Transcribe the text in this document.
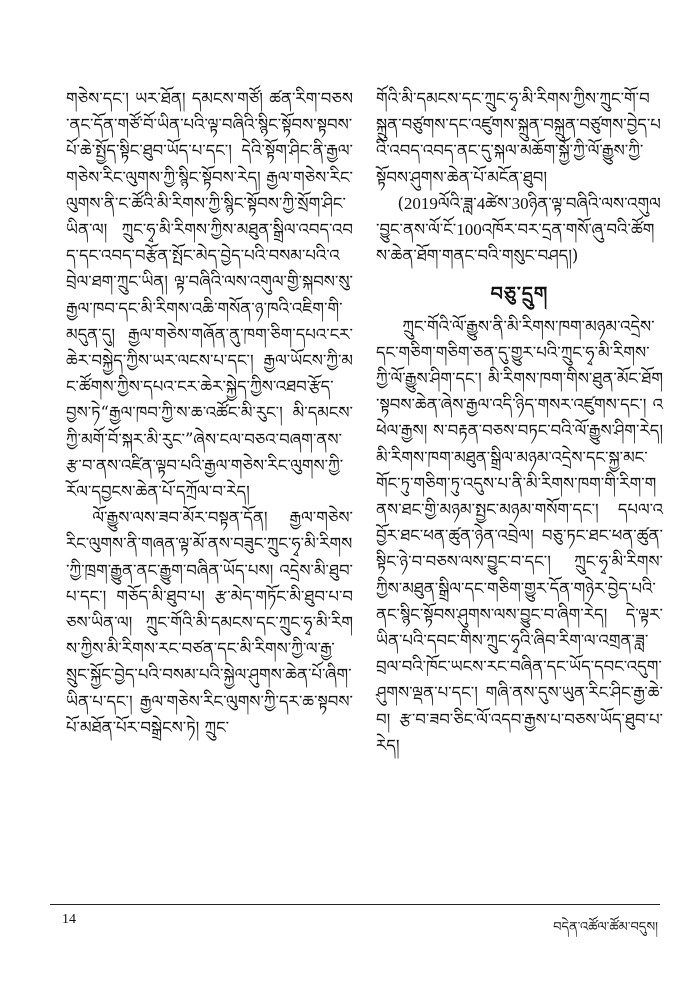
གཅེས་དང་། ཡར་ཐོན། དམངས་གཙོ། ཚན་རིག་བཅས་ནང་དོན་གཙོ་བོ་ཡིན་པའི་ལྟ་བཞིའི་སྙིང་སྟོབས་སྟབས་པོ་ཆེ་སྤྱོད་སྟིང་ཐུབ་ཡོད་པ་དང་། དེའི་སྟོག་ཤིང་ནི་རྒྱལ་གཅེས་རིང་ལུགས་ཀྱི་སྙིང་སྟོབས་རེད། རྒྱལ་གཅེས་རིང་ལུགས་ནི་ང་ཚོའི་མི་རིགས་ཀྱི་སྙིང་སྟོབས་ཀྱི་སྲོག་ཤིང་ཡིན་ལ། ཀྲུང་ཧྭ་མི་རིགས་ཀྱིས་མཐུན་སྒྲིལ་འབད་འབད་དང་འབད་བརྩོན་སྤོང་མེད་བྱེད་པའི་བསམ་པའི་འབྲེལ་ཐག་ཀྲུང་ཡིན། ལྟ་བཞིའི་ལས་འགུལ་གྱི་སྐབས་སུ་རྒྱལ་ཁབ་དང་མི་རིགས་འཆི་གསོན་ཉ་ཁའི་འཇིག་གི་མདུན་དུ། རྒྱལ་གཅེས་གཞོན་ནུ་ཁག་ཅིག་དཔའ་ངར་ཆེར་བསྐྱེད་ཀྱིས་ཡར་ལངས་པ་དང་། རྒྱལ་ཡོངས་ཀྱི་མང་ཚོགས་ཀྱིས་དཔའ་ངར་ཆེར་སྐྱེད་ཀྱིས་འཐབ་རྩོད་བྱས་ཏེ“རྒྱལ་ཁབ་ཀྱི་ས་ཆ་འཚོང་མི་རུང་། མི་དམངས་ཀྱི་མགོ་བོ་སྐར་མི་རུང་”ཞེས་ངལ་བཅའ་བཞག་ནས་རྩ་བ་ནས་འཛིན་ལྟབ་པའི་རྒྱལ་གཅེས་རིང་ལུགས་ཀྱི་རོལ་དབྱངས་ཆེན་པོ་དཀྲོལ་བ་རེད།

ལོ་རྒྱུས་ལས་ཟབ་མོར་བསྟན་དོན། རྒྱལ་གཅེས་རིང་ལུགས་ནི་གཞན་ལྟ་མོ་ནས་བཟུང་ཀྲུང་ཧྭ་མི་རིགས་ཀྱི་ཁྲག་རྒྱུན་ནང་རྒྱུག་བཞིན་ཡོད་པས། འདྲེས་མི་ཐུབ་པ་དང་། གཅོད་མི་ཐུབ་པ། རྩ་མེད་གཏོང་མི་ཐུབ་པ་བཅས་ཡིན་ལ། ཀྲུང་གོའི་མི་དམངས་དང་ཀྲུང་ཧྭ་མི་རིགས་ཀྱིས་མི་རིགས་རང་བཙན་དང་མི་རིགས་ཀྱི་ལ་རྒྱ་སྲུང་སྐྱོང་བྱེད་པའི་བསམ་པའི་སྐྱེལ་ཤུགས་ཆེན་པོ་ཞིག་ཡིན་པ་དང་། རྒྱལ་གཅེས་རིང་ལུགས་ཀྱི་དར་ཆ་སྟབས་པོ་མཐོན་པོར་བསྒྲེངས་ཏེ། ཀྲུང་

གོའི་མི་དམངས་དང་ཀྲུང་ཧྭ་མི་རིགས་ཀྱིས་ཀྲུང་གོ་བསྐྲུན་བཙུགས་དང་འཛུགས་སྐྲུན་བསྐྲུན་བཙུགས་བྱེད་པའི་འབད་འབད་ནང་དུ་སྐལ་མཆོག་སྐྱོ་ཀྱི་ལོ་རྒྱུས་ཀྱི་སྟོབས་ཤུགས་ཆེན་པོ་མངོན་ཐུབ།

(2019ལོའི་ཟླ་4ཚེས་30ཉིན་ལྟ་བཞིའི་ལས་འགུལ་བྱུང་ནས་ལོ་ངོ་100འཁོར་བར་དྲན་གསོ་ཞུ་བའི་ཚོགས་ཆེན་ཐོག་གནང་བའི་གསུང་བཤད།)

བཅུ་དྲུག

ཀྲུང་གོའི་ལོ་རྒྱུས་ནི་མི་རིགས་ཁག་མཉམ་འདྲེས་དང་གཅིག་གཅིག་ཅན་དུ་གྱུར་པའི་ཀྲུང་ཧྭ་མི་རིགས་ཀྱི་ལོ་རྒྱུས་ཤིག་དང་། མི་རིགས་ཁག་གིས་ཐུན་མོང་ཐོག་སྟབས་ཆེན་ཞེས་རྒྱལ་འདི་ཉིད་གསར་འཛུགས་དང་། འཕེལ་རྒྱས། ས་བརྟན་བཅས་བཏང་བའི་ལོ་རྒྱུས་ཤིག་རེད། མི་རིགས་ཁག་མཐུན་སྒྲིལ་མཉམ་འདྲེས་དང་སྐྱ་མང་གོང་ཏུ་གཅིག་ཏུ་འདུས་པ་ནི་མི་རིགས་ཁག་གི་རིག་གནས་ཐང་གྱི་མཉམ་སྤྱང་མཉམ་གསོག་དང་། དཔལ་འབྱོར་ཐང་ཕན་ཚུན་ཉེན་འབྲེལ། བཅུ་ཏང་ཐང་ཕན་ཚུན་སྟིང་ཉེ་བ་བཅས་ལས་བྱུང་བ་དང་། ཀྲུང་ཧྭ་མི་རིགས་ཀྱིས་མཐུན་སྒྲིལ་དང་གཅིག་གྱུར་དོན་གཉེར་བྱེད་པའི་ནང་སྙིང་སྟོབས་ཤུགས་ལས་བྱུང་བ་ཞིག་རེད། དེ་ལྟར་ཡིན་པའི་དབང་གིས་ཀྲུང་ཧྭའི་ཞིབ་རིག་ལ་འགྲན་ཟླ་བྲལ་བའི་ཁོང་ཡངས་རང་བཞིན་དང་ཡོད་དབང་འདུག་ཤུགས་ལྡན་པ་དང་། གཞི་ནས་དུས་ཡུན་རིང་ཤིང་རྒྱ་ཆེ་བ། རྩ་བ་ཟབ་ཅིང་ལོ་འདབ་རྒྱས་པ་བཅས་ཡོད་ཐུབ་པ་རེད།

14
བདེན་འཚོལ་ཚོམ་བདུས།
